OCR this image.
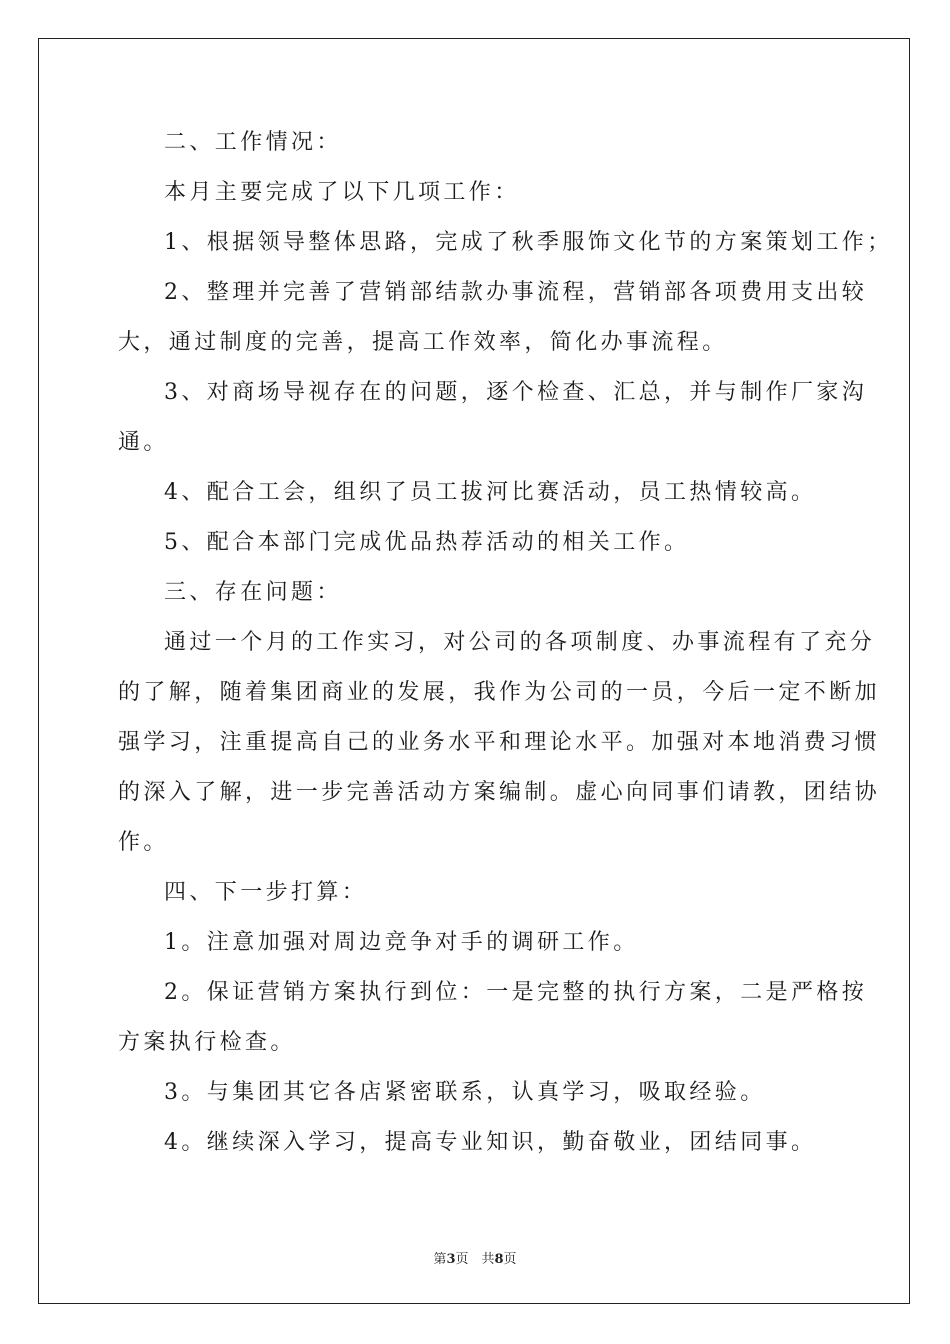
二、工作情况：
本月主要完成了以下几项工作：
1、根据领导整体思路，完成了秋季服饰文化节的方案策划工作；
2、整理并完善了营销部结款办事流程，营销部各项费用支出较
大，通过制度的完善，提高工作效率，简化办事流程。
3、对商场导视存在的问题，逐个检查、汇总，并与制作厂家沟
通。
4、配合工会，组织了员工拔河比赛活动，员工热情较高。
5、配合本部门完成优品热荐活动的相关工作。
三、存在问题：
通过一个月的工作实习，对公司的各项制度、办事流程有了充分
的了解，随着集团商业的发展，我作为公司的一员，今后一定不断加
强学习，注重提高自己的业务水平和理论水平。加强对本地消费习惯
的深入了解，进一步完善活动方案编制。虚心向同事们请教，团结协
作。
四、下一步打算：
1。注意加强对周边竞争对手的调研工作。
2。保证营销方案执行到位：一是完整的执行方案，二是严格按
方案执行检查。
3。与集团其它各店紧密联系，认真学习，吸取经验。
4。继续深入学习，提高专业知识，勤奋敬业，团结同事。
第3页　共8页
